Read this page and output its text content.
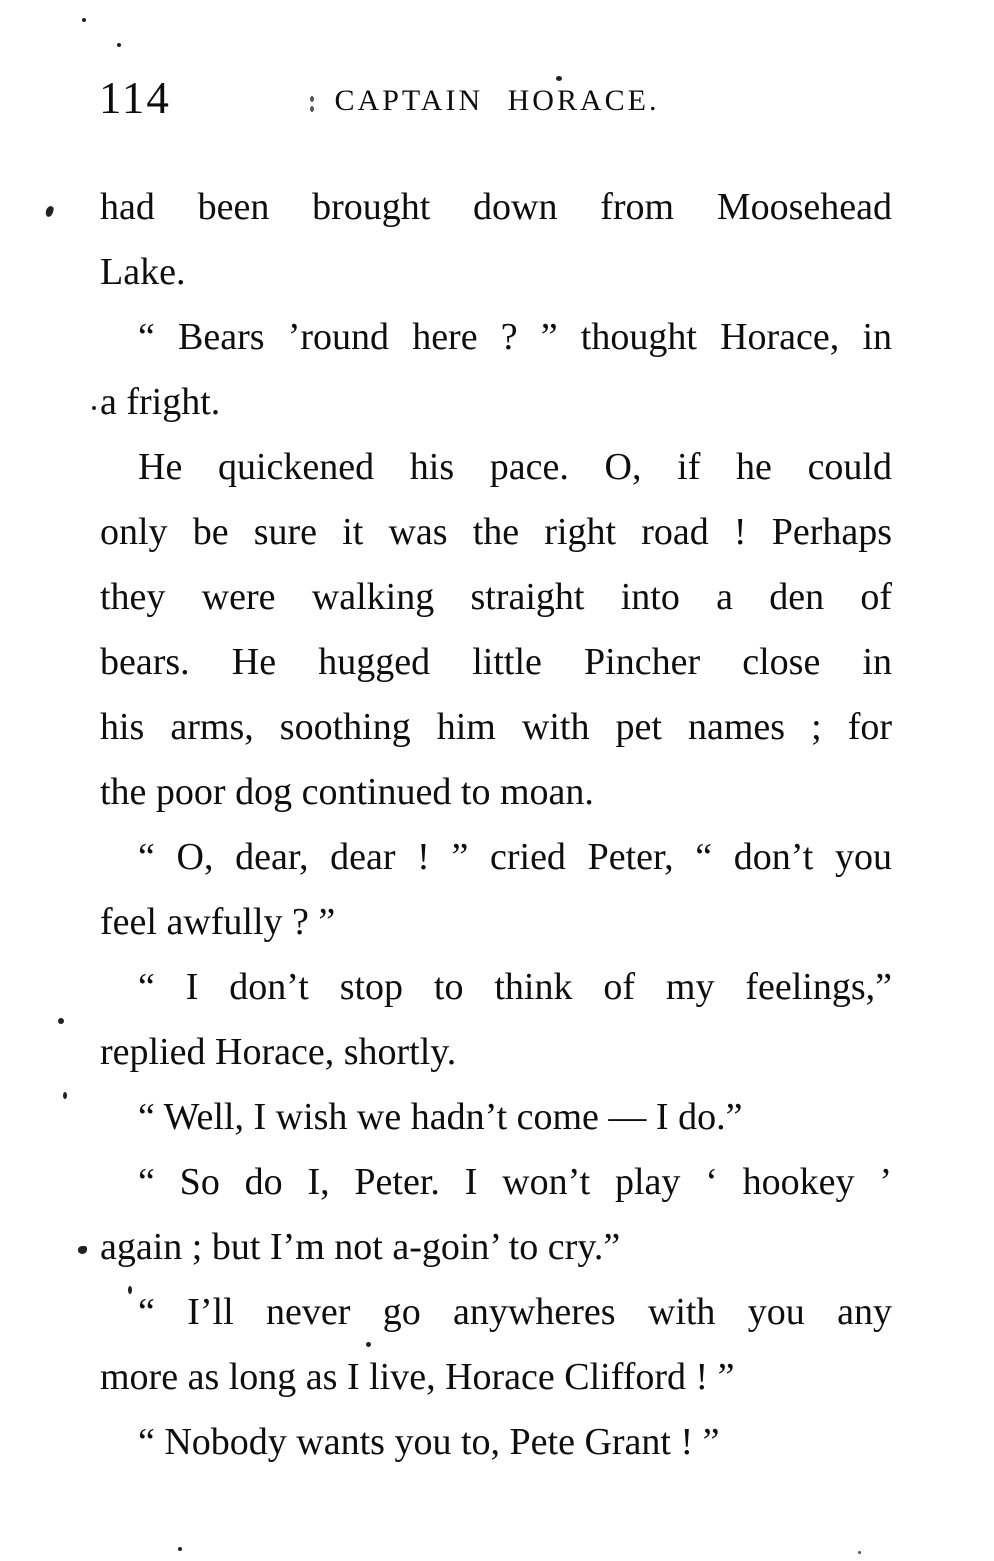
114	CAPTAIN HORACE.
had been brought down from Moosehead
Lake.
“ Bears ’round here ? ” thought Horace, in
a fright.
He quickened his pace. O, if he could
only be sure it was the right road ! Perhaps
they were walking straight into a den of
bears. He hugged little Pincher close in
his arms, soothing him with pet names ; for
the poor dog continued to moan.
“ O, dear, dear ! ” cried Peter, “ don’t you
feel awfully ? ”
“ I don’t stop to think of my feelings,”
replied Horace, shortly.
“ Well, I wish we hadn’t come — I do.”
“ So do I, Peter. I won’t play ‘ hookey ’
again ; but I’m not a-goin’ to cry.”
“ I’ll never go anywheres with you any
more as long as I live, Horace Clifford ! ”
“ Nobody wants you to, Pete Grant ! ”
